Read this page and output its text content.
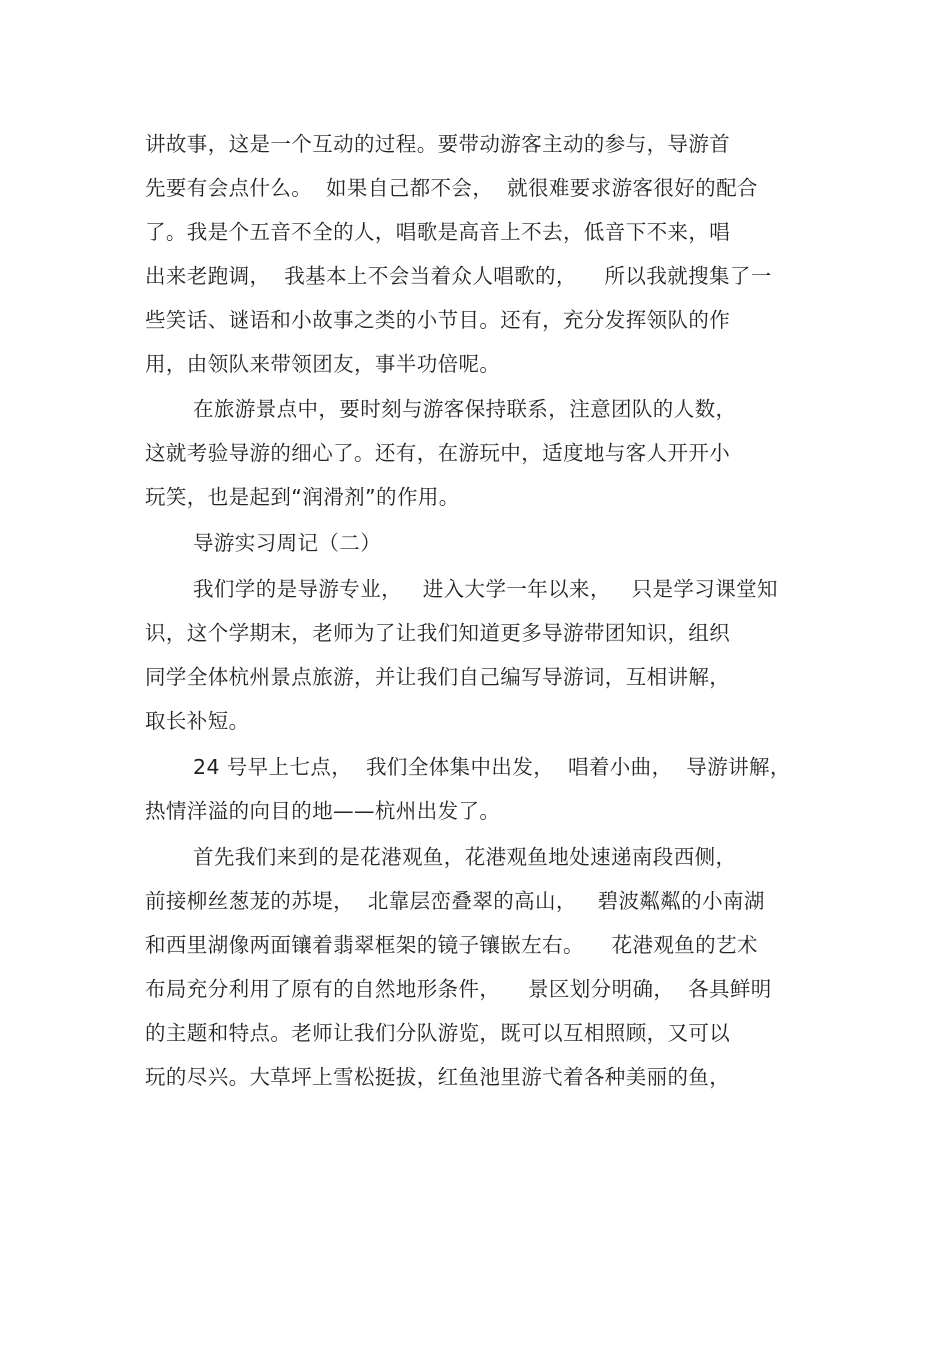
讲故事，这是一个互动的过程。要带动游客主动的参与，导游首
先要有会点什么。  如果自己都不会，  就很难要求游客很好的配合
了。我是个五音不全的人，唱歌是高音上不去，低音下不来，唱
出来老跑调，  我基本上不会当着众人唱歌的，    所以我就搜集了一
些笑话、谜语和小故事之类的小节目。还有，充分发挥领队的作
用，由领队来带领团友，事半功倍呢。
在旅游景点中，要时刻与游客保持联系，注意团队的人数，
这就考验导游的细心了。还有，在游玩中，适度地与客人开开小
玩笑，也是起到“润滑剂”的作用。
导游实习周记（二）
我们学的是导游专业，   进入大学一年以来，   只是学习课堂知
识，这个学期末，老师为了让我们知道更多导游带团知识，组织
同学全体杭州景点旅游，并让我们自己编写导游词，互相讲解，
取长补短。
24 号早上七点，  我们全体集中出发，  唱着小曲，  导游讲解，
热情洋溢的向目的地——杭州出发了。
首先我们来到的是花港观鱼，花港观鱼地处速递南段西侧，
前接柳丝葱茏的苏堤，  北靠层峦叠翠的高山，   碧波粼粼的小南湖
和西里湖像两面镶着翡翠框架的镜子镶嵌左右。    花港观鱼的艺术
布局充分利用了原有的自然地形条件，    景区划分明确，  各具鲜明
的主题和特点。老师让我们分队游览，既可以互相照顾，又可以
玩的尽兴。大草坪上雪松挺拔，红鱼池里游弋着各种美丽的鱼，
